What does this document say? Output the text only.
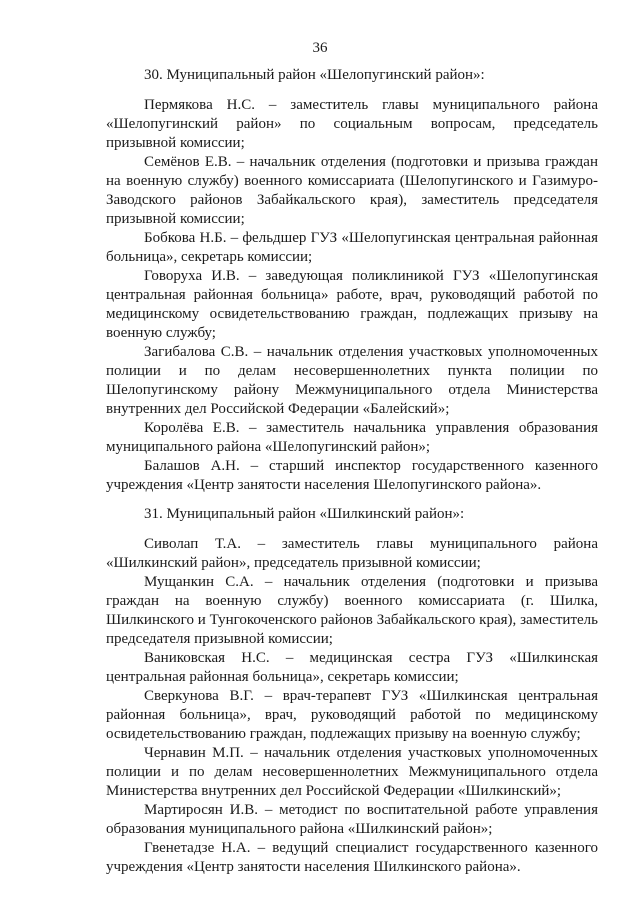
36

30. Муниципальный район «Шелопугинский район»:

Пермякова Н.С. – заместитель главы муниципального района «Шелопугинский район» по социальным вопросам, председатель призывной комиссии;

Семёнов Е.В. – начальник отделения (подготовки и призыва граждан на военную службу) военного комиссариата (Шелопугинского и Газимуро-Заводского районов Забайкальского края), заместитель председателя призывной комиссии;

Бобкова Н.Б. – фельдшер ГУЗ «Шелопугинская центральная районная больница», секретарь комиссии;

Говоруха И.В. – заведующая поликлиникой ГУЗ «Шелопугинская центральная районная больница» работе, врач, руководящий работой по медицинскому освидетельствованию граждан, подлежащих призыву на военную службу;

Загибалова С.В. – начальник отделения участковых уполномоченных полиции и по делам несовершеннолетних пункта полиции по Шелопугинскому району Межмуниципального отдела Министерства внутренних дел Российской Федерации «Балейский»;

Королёва Е.В. – заместитель начальника управления образования муниципального района «Шелопугинский район»;

Балашов А.Н. – старший инспектор государственного казенного учреждения «Центр занятости населения Шелопугинского района».

31. Муниципальный район «Шилкинский район»:

Сиволап Т.А. – заместитель главы муниципального района «Шилкинский район», председатель призывной комиссии;

Мущанкин С.А. – начальник отделения (подготовки и призыва граждан на военную службу) военного комиссариата (г. Шилка, Шилкинского и Тунгокоченского районов Забайкальского края), заместитель председателя призывной комиссии;

Ваниковская Н.С. – медицинская сестра ГУЗ «Шилкинская центральная районная больница», секретарь комиссии;

Сверкунова В.Г. – врач-терапевт ГУЗ «Шилкинская центральная районная больница», врач, руководящий работой по медицинскому освидетельствованию граждан, подлежащих призыву на военную службу;

Чернавин М.П. – начальник отделения участковых уполномоченных полиции и по делам несовершеннолетних Межмуниципального отдела Министерства внутренних дел Российской Федерации «Шилкинский»;

Мартиросян И.В. – методист по воспитательной работе управления образования муниципального района «Шилкинский район»;

Гвенетадзе Н.А. – ведущий специалист государственного казенного учреждения «Центр занятости населения Шилкинского района».
